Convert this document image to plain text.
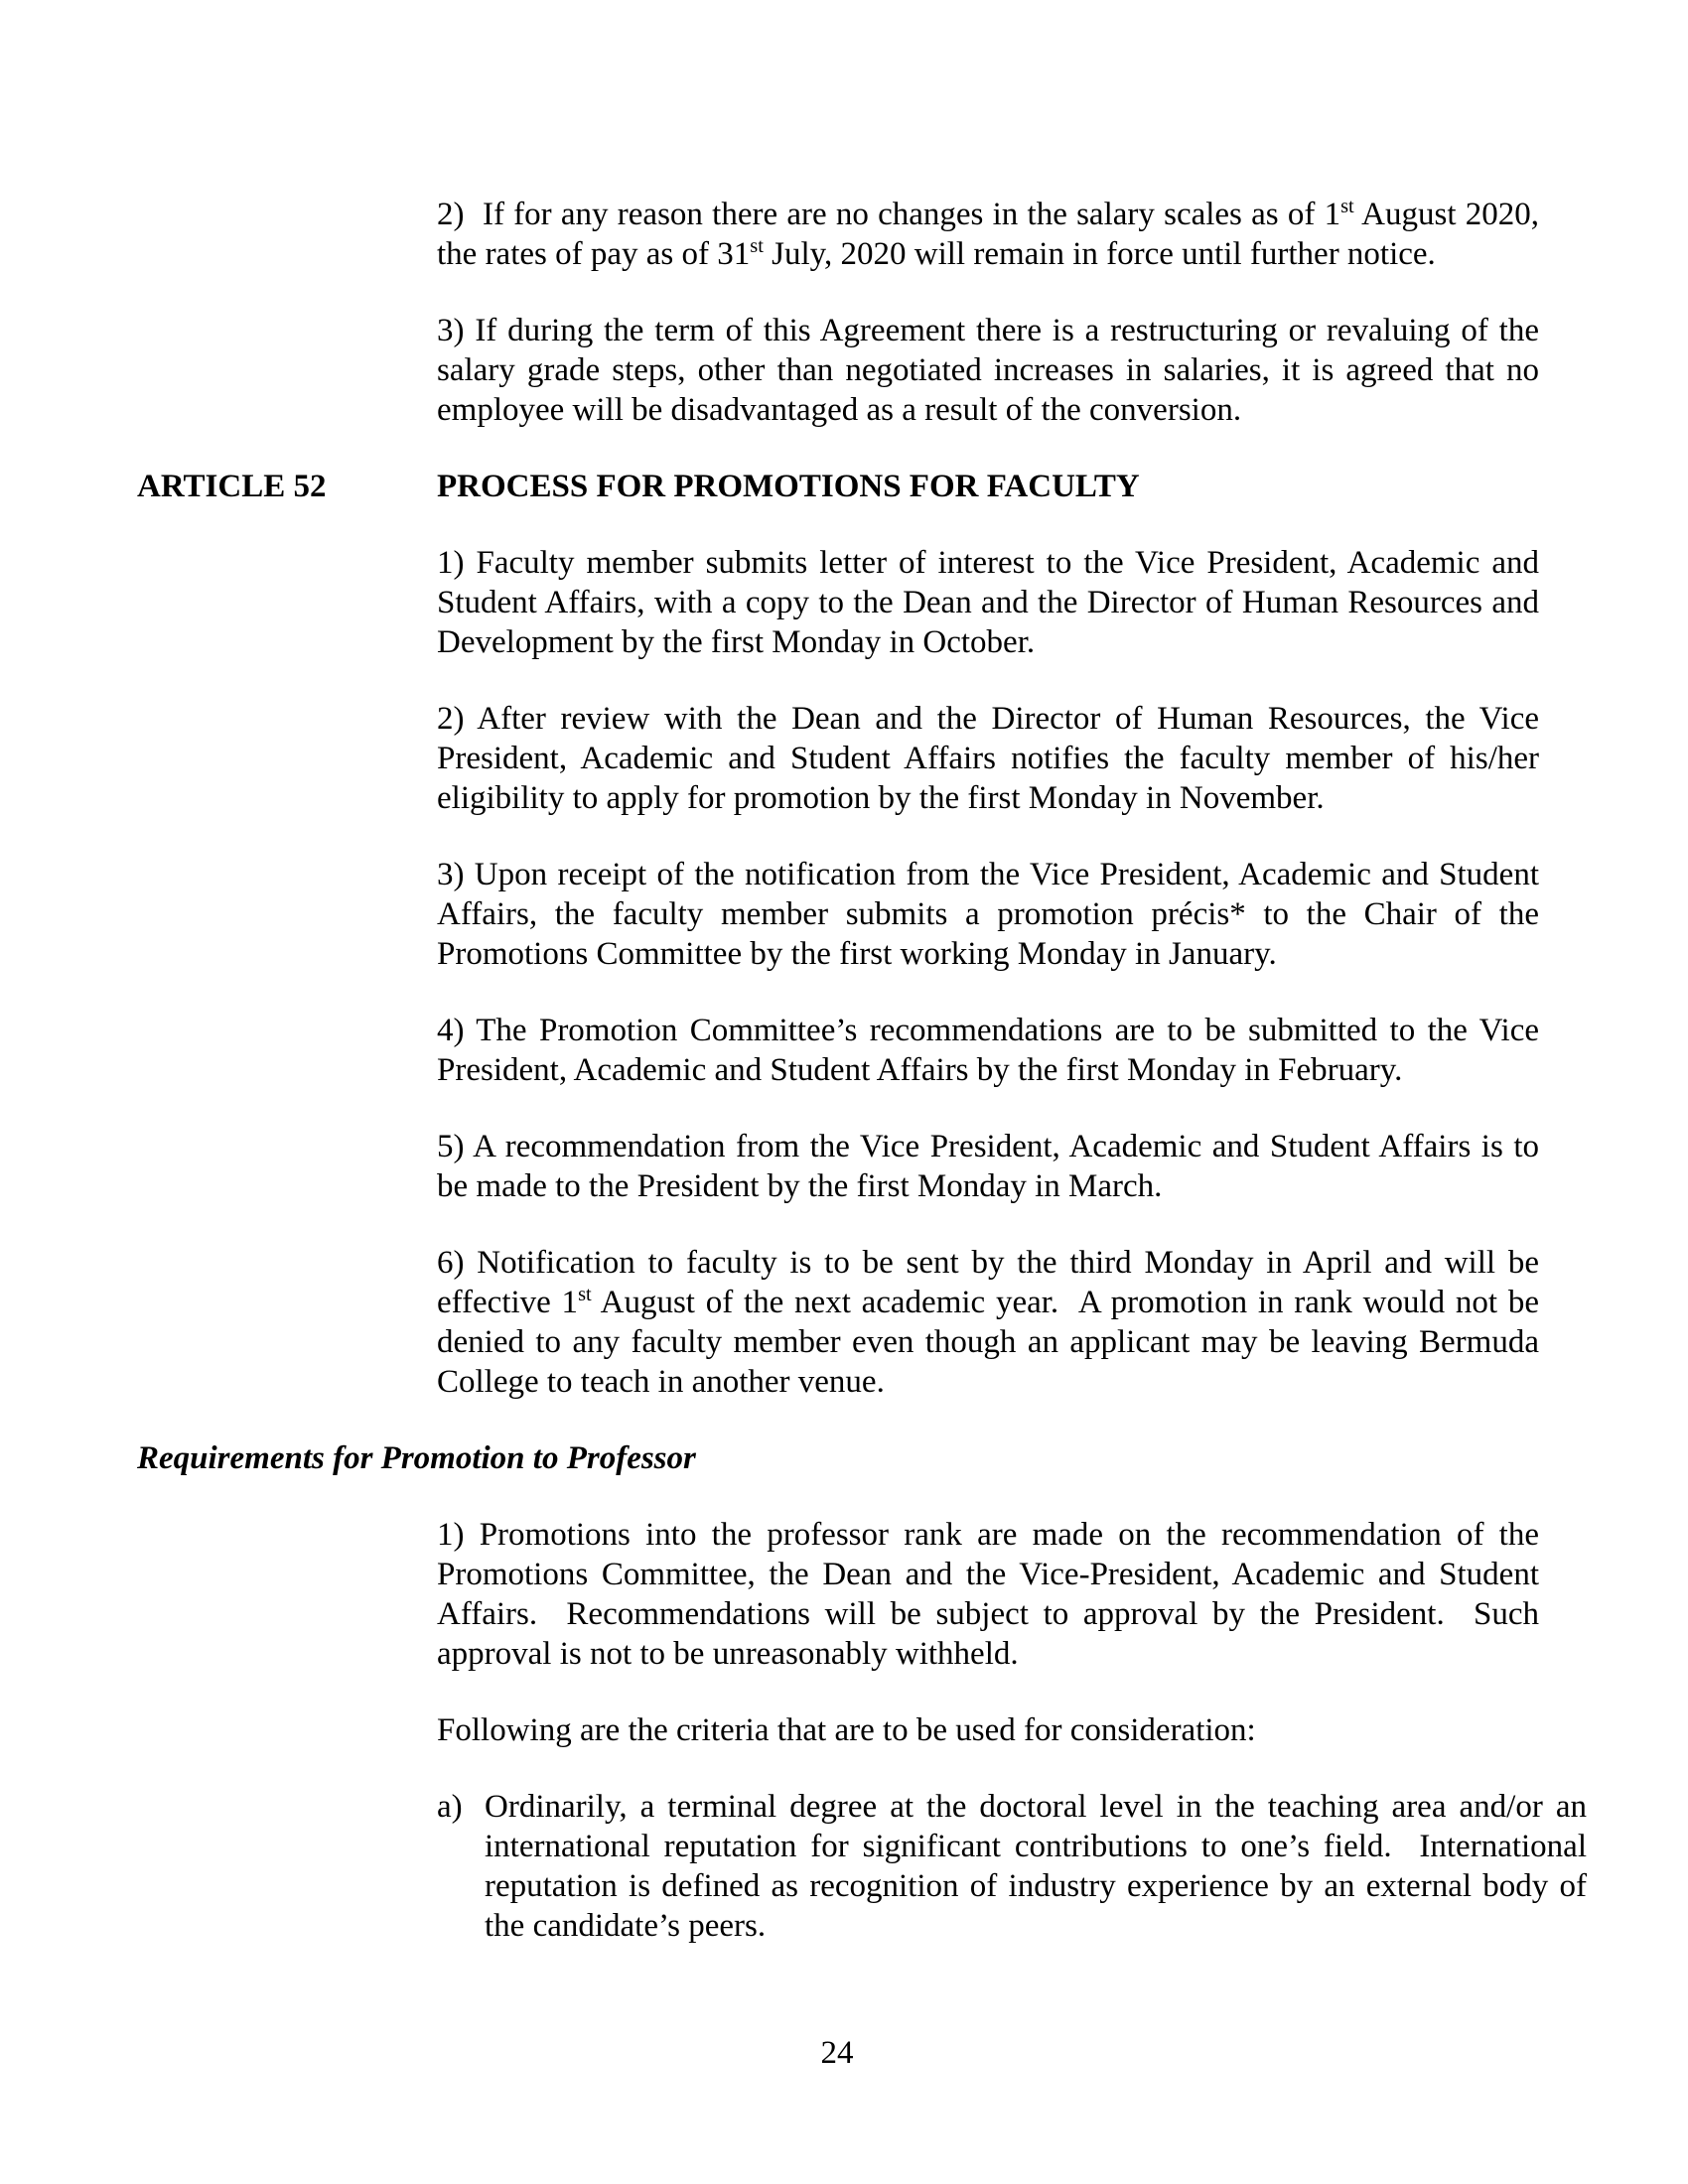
2)  If for any reason there are no changes in the salary scales as of 1st August 2020, the rates of pay as of 31st July, 2020 will remain in force until further notice.

3) If during the term of this Agreement there is a restructuring or revaluing of the salary grade steps, other than negotiated increases in salaries, it is agreed that no employee will be disadvantaged as a result of the conversion.

ARTICLE 52	PROCESS FOR PROMOTIONS FOR FACULTY

1) Faculty member submits letter of interest to the Vice President, Academic and Student Affairs, with a copy to the Dean and the Director of Human Resources and Development by the first Monday in October.

2) After review with the Dean and the Director of Human Resources, the Vice President, Academic and Student Affairs notifies the faculty member of his/her eligibility to apply for promotion by the first Monday in November.

3) Upon receipt of the notification from the Vice President, Academic and Student Affairs, the faculty member submits a promotion précis* to the Chair of the Promotions Committee by the first working Monday in January.

4) The Promotion Committee’s recommendations are to be submitted to the Vice President, Academic and Student Affairs by the first Monday in February.

5) A recommendation from the Vice President, Academic and Student Affairs is to be made to the President by the first Monday in March.

6) Notification to faculty is to be sent by the third Monday in April and will be effective 1st August of the next academic year.  A promotion in rank would not be denied to any faculty member even though an applicant may be leaving Bermuda College to teach in another venue.

Requirements for Promotion to Professor

1) Promotions into the professor rank are made on the recommendation of the Promotions Committee, the Dean and the Vice-President, Academic and Student Affairs.  Recommendations will be subject to approval by the President.  Such approval is not to be unreasonably withheld.

Following are the criteria that are to be used for consideration:

a) Ordinarily, a terminal degree at the doctoral level in the teaching area and/or an international reputation for significant contributions to one’s field.  International reputation is defined as recognition of industry experience by an external body of the candidate’s peers.
24
